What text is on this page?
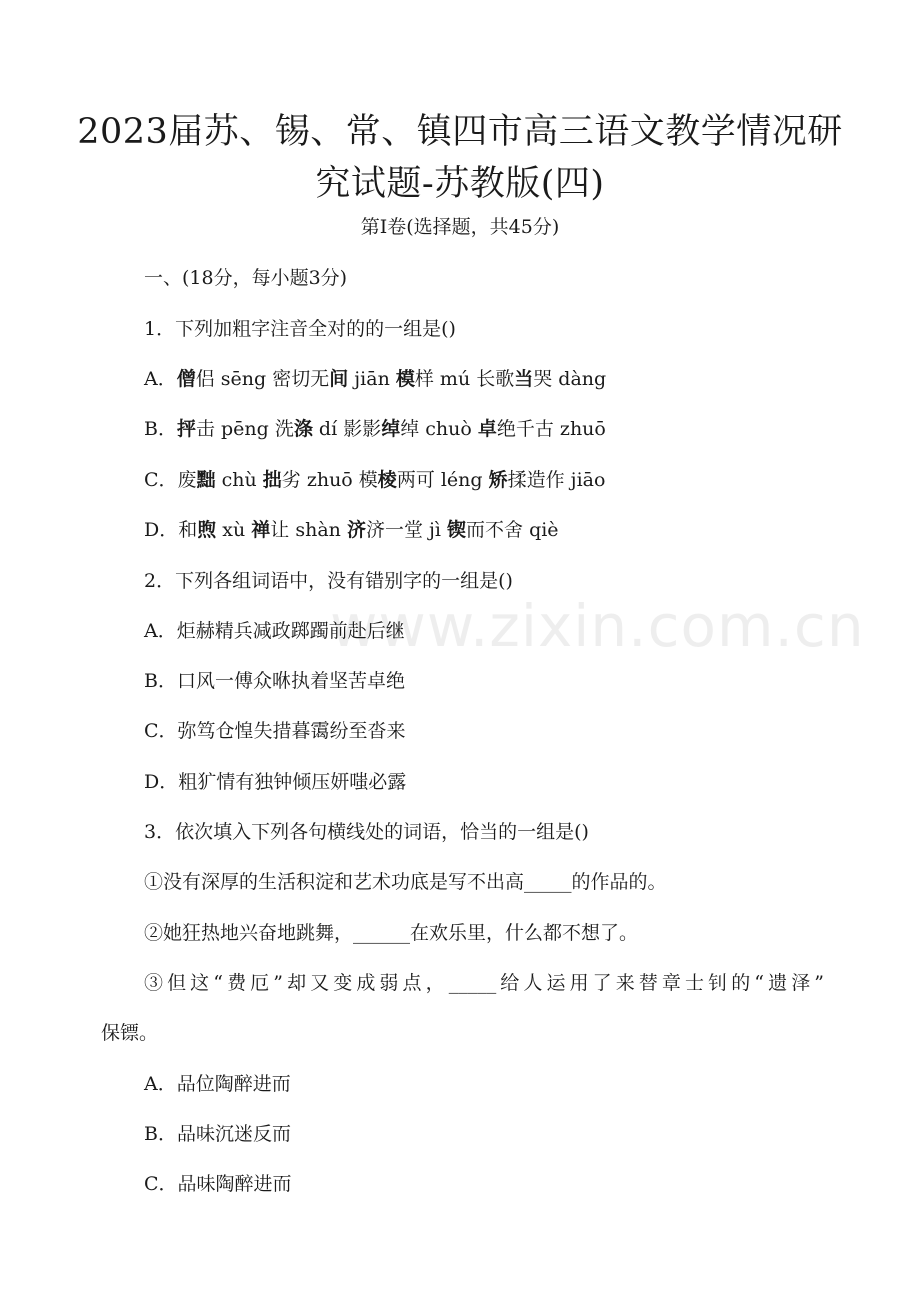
www.zixin.com.cn
2023届苏、锡、常、镇四市高三语文教学情况研
究试题-苏教版(四)
第Ⅰ卷(选择题，共45分)
一、(18分，每小题3分)
1．下列加粗字注音全对的的一组是()
A．僧侣 sēng 密切无间 jiān 模样 mú 长歌当哭 dàng
B．抨击 pēng 洗涤 dí 影影绰绰 chuò 卓绝千古 zhuō
C．废黜 chù 拙劣 zhuō 模棱两可 léng 矫揉造作 jiāo
D．和煦 xù 禅让 shàn 济济一堂 jì 锲而不舍 qiè
2．下列各组词语中，没有错别字的一组是()
A．炬赫精兵减政踯躅前赴后继
B．口风一傅众咻执着坚苦卓绝
C．弥笃仓惶失措暮霭纷至沓来
D．粗犷情有独钟倾压妍嗤必露
3．依次填入下列各句横线处的词语，恰当的一组是()
①没有深厚的生活积淀和艺术功底是写不出高_____的作品的。
②她狂热地兴奋地跳舞，______在欢乐里，什么都不想了。
③但这“费厄”却又变成弱点，_____给人运用了来替章士钊的“遗泽”
保镖。
A．品位陶醉进而
B．品味沉迷反而
C．品味陶醉进而
